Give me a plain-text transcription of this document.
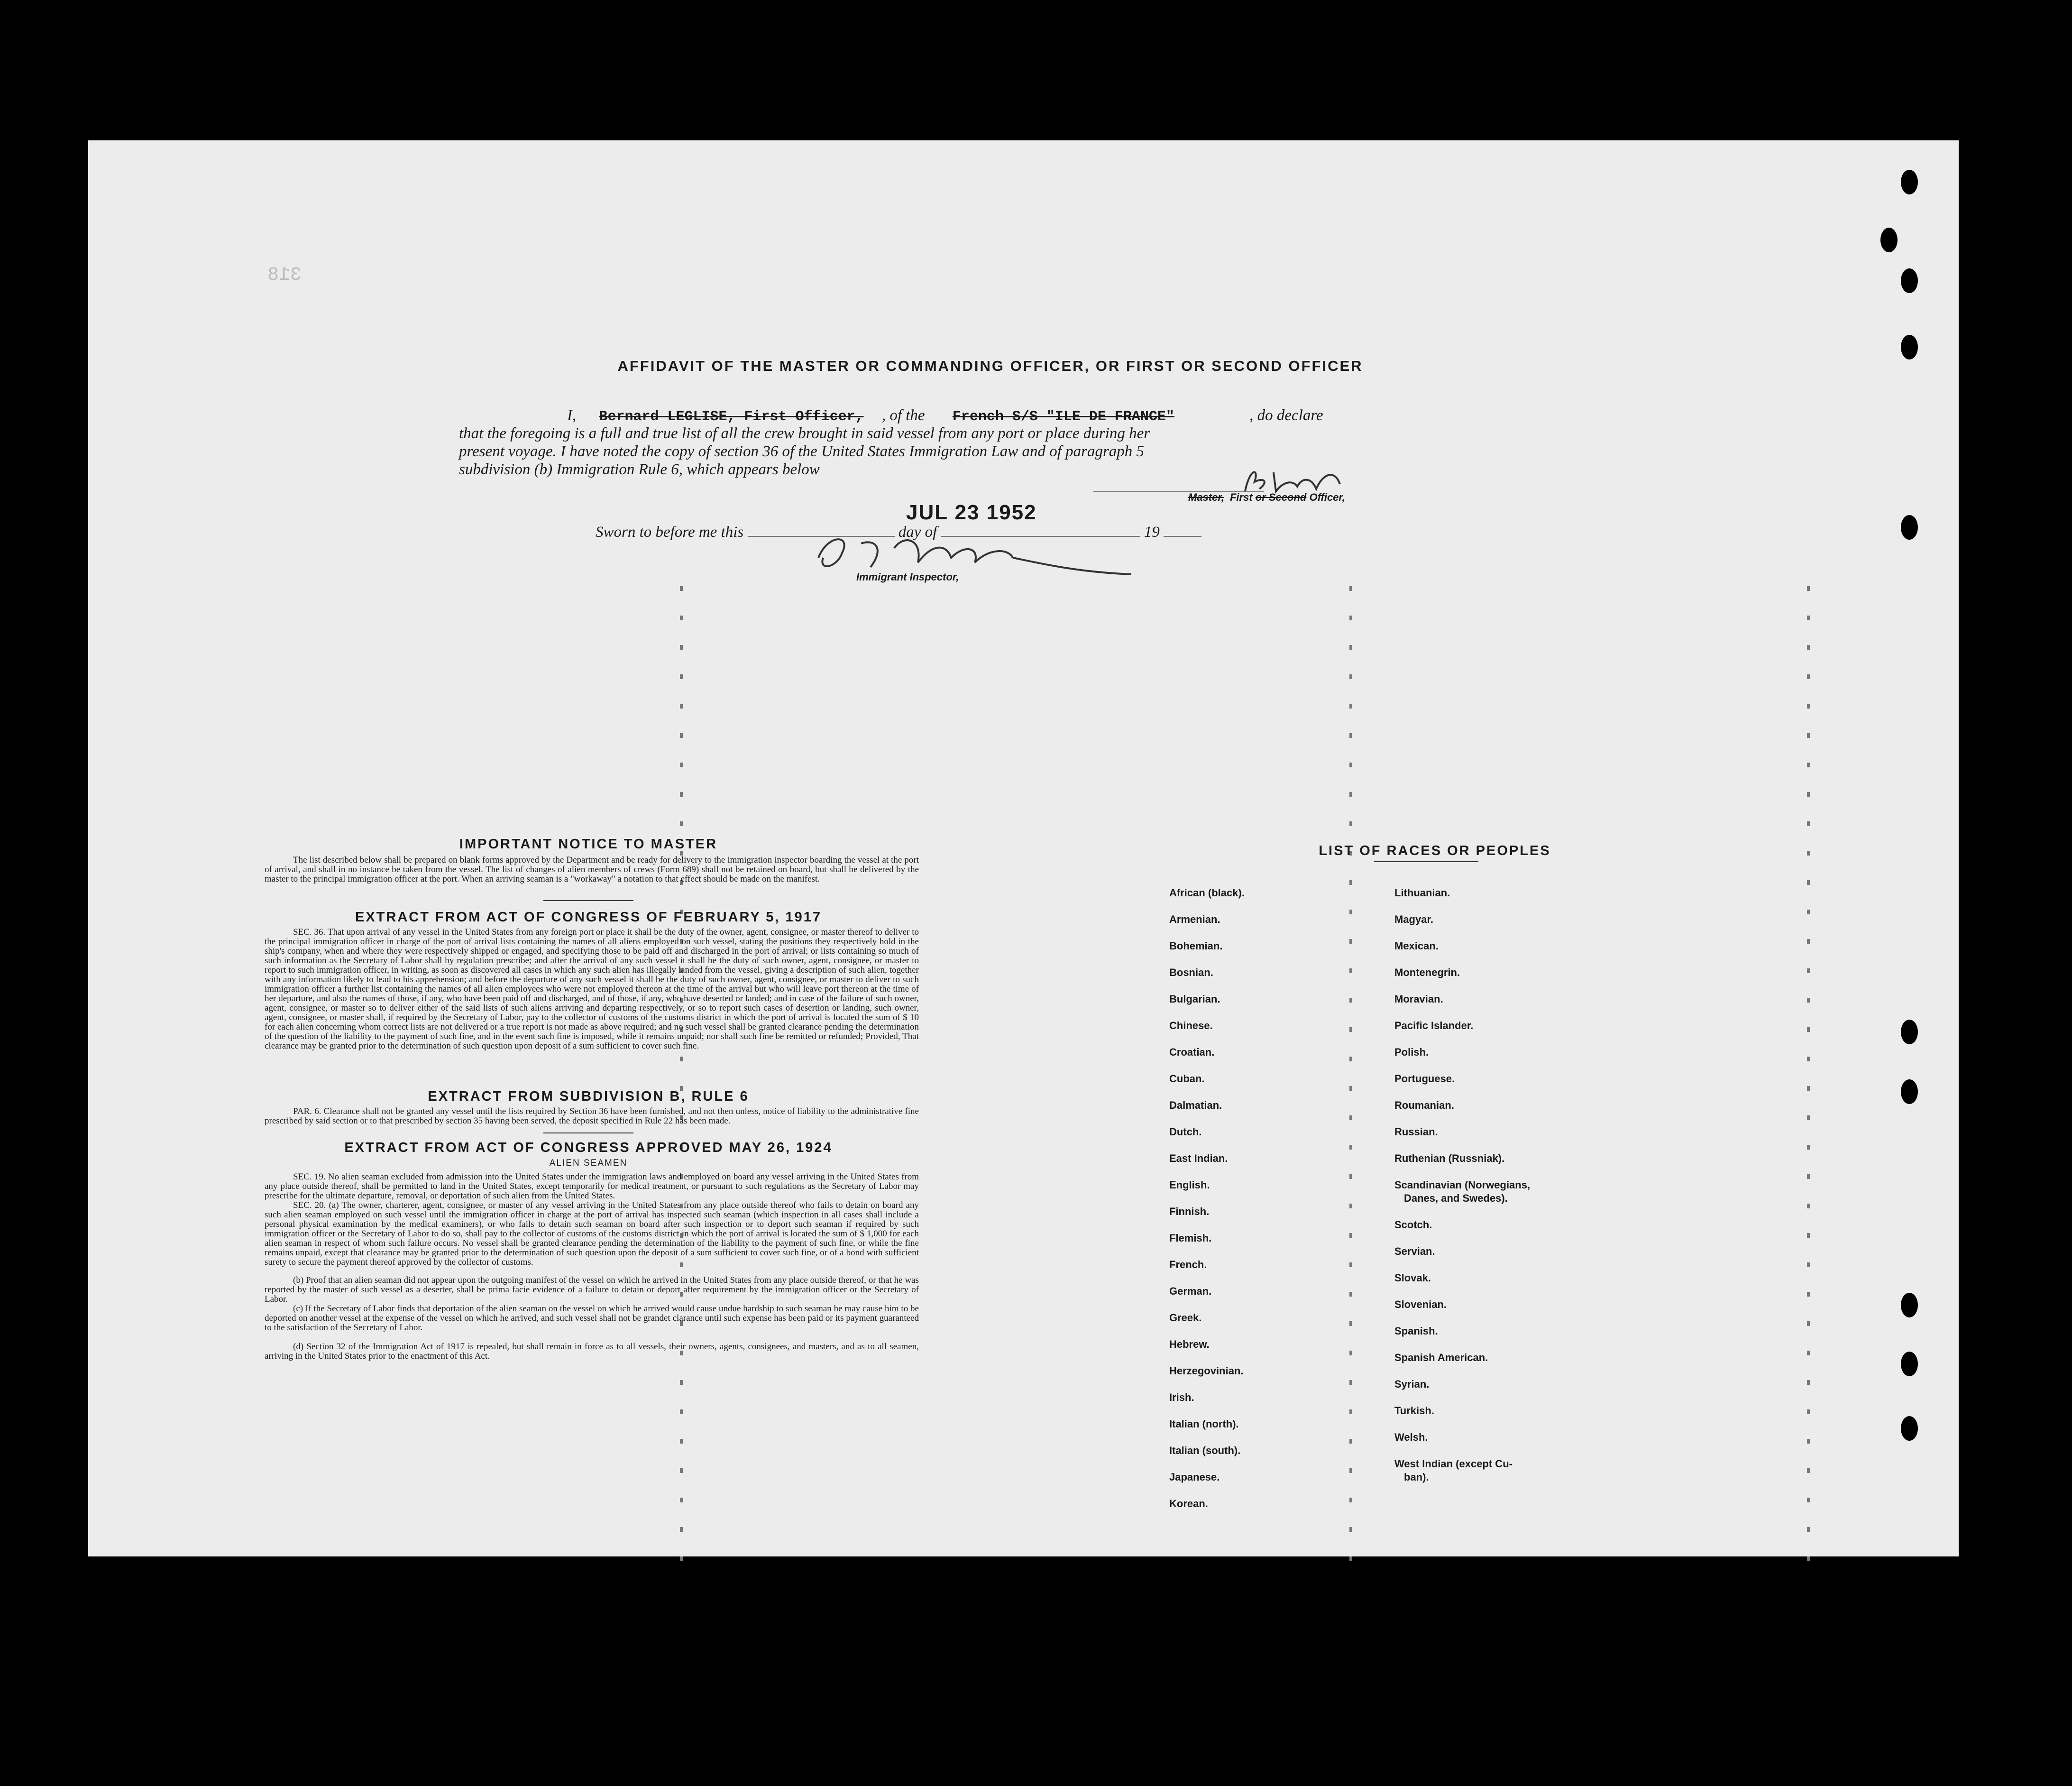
318
AFFIDAVIT OF THE MASTER OR COMMANDING OFFICER, OR FIRST OR SECOND OFFICER
I, Bernard LEGLISE, First Officer, , of the French S/S "ILE DE FRANCE"	, do declare
that the foregoing is a full and true list of all the crew brought in said vessel from any port or place during her
present voyage. I have noted the copy of section 36 of the United States Immigration Law and of paragraph 5
subdivision (b) Immigration Rule 6, which appears below
Master, First or Second Officer,
Sworn to before me this	day of	19
JUL 23 1952
Immigrant Inspector,
IMPORTANT NOTICE TO MASTER
The list described below shall be prepared on blank forms approved by the Department and be ready for delivery to the immigration inspector boarding the vessel at the port of arrival, and shall in no instance be taken from the vessel. The list of changes of alien members of crews (Form 689) shall not be retained on board, but shall be delivered by the master to the principal immigration officer at the port. When an arriving seaman is a "workaway" a notation to that effect should be made on the manifest.
EXTRACT FROM ACT OF CONGRESS OF FEBRUARY 5, 1917
SEC. 36. That upon arrival of any vessel in the United States from any foreign port or place it shall be the duty of the owner, agent, consignee, or master thereof to deliver to the principal immigration officer in charge of the port of arrival lists containing the names of all aliens employed on such vessel, stating the positions they respectively hold in the ship's company, when and where they were respectively shipped or engaged, and specifying those to be paid off and discharged in the port of arrival; or lists containing so much of such information as the Secretary of Labor shall by regulation prescribe; and after the arrival of any such vessel it shall be the duty of such owner, agent, consignee, or master to report to such immigration officer, in writing, as soon as discovered all cases in which any such alien has illegally landed from the vessel, giving a description of such alien, together with any information likely to lead to his apprehension; and before the departure of any such vessel it shall be the duty of such owner, agent, consignee, or master to deliver to such immigration officer a further list containing the names of all alien employees who were not employed thereon at the time of the arrival but who will leave port thereon at the time of her departure, and also the names of those, if any, who have been paid off and discharged, and of those, if any, who have deserted or landed; and in case of the failure of such owner, agent, consignee, or master so to deliver either of the said lists of such aliens arriving and departing respectively, or so to report such cases of desertion or landing, such owner, agent, consignee, or master shall, if required by the Secretary of Labor, pay to the collector of customs of the customs district in which the port of arrival is located the sum of $ 10 for each alien concerning whom correct lists are not delivered or a true report is not made as above required; and no such vessel shall be granted clearance pending the determination of the question of the liability to the payment of such fine, and in the event such fine is imposed, while it remains unpaid; nor shall such fine be remitted or refunded; Provided, That clearance may be granted prior to the determination of such question upon deposit of a sum sufficient to cover such fine.
EXTRACT FROM SUBDIVISION B, RULE 6
PAR. 6. Clearance shall not be granted any vessel until the lists required by Section 36 have been furnished, and not then unless, notice of liability to the administrative fine prescribed by said section or to that prescribed by section 35 having been served, the deposit specified in Rule 22 has been made.
EXTRACT FROM ACT OF CONGRESS APPROVED MAY 26, 1924
ALIEN SEAMEN
SEC. 19. No alien seaman excluded from admission into the United States under the immigration laws and employed on board any vessel arriving in the United States from any place outside thereof, shall be permitted to land in the United States, except temporarily for medical treatment, or pursuant to such regulations as the Secretary of Labor may prescribe for the ultimate departure, removal, or deportation of such alien from the United States.
SEC. 20. (a) The owner, charterer, agent, consignee, or master of any vessel arriving in the United States from any place outside thereof who fails to detain on board any such alien seaman employed on such vessel until the immigration officer in charge at the port of arrival has inspected such seaman (which inspection in all cases shall include a personal physical examination by the medical examiners), or who fails to detain such seaman on board after such inspection or to deport such seaman if required by such immigration officer or the Secretary of Labor to do so, shall pay to the collector of customs of the customs district in which the port of arrival is located the sum of $ 1,000 for each alien seaman in respect of whom such failure occurs. No vessel shall be granted clearance pending the determination of the liability to the payment of such fine, or while the fine remains unpaid, except that clearance may be granted prior to the determination of such question upon the deposit of a sum sufficient to cover such fine, or of a bond with sufficient surety to secure the payment thereof approved by the collector of customs.
(b) Proof that an alien seaman did not appear upon the outgoing manifest of the vessel on which he arrived in the United States from any place outside thereof, or that he was reported by the master of such vessel as a deserter, shall be prima facie evidence of a failure to detain or deport after requirement by the immigration officer or the Secretary of Labor.
(c) If the Secretary of Labor finds that deportation of the alien seaman on the vessel on which he arrived would cause undue hardship to such seaman he may cause him to be deported on another vessel at the expense of the vessel on which he arrived, and such vessel shall not be grandet clarance until such expense has been paid or its payment guaranteed to the satisfaction of the Secretary of Labor.
(d) Section 32 of the Immigration Act of 1917 is repealed, but shall remain in force as to all vessels, their owners, agents, consignees, and masters, and as to all seamen, arriving in the United States prior to the enactment of this Act.
LIST OF RACES OR PEOPLES
African (black).
Armenian.
Bohemian.
Bosnian.
Bulgarian.
Chinese.
Croatian.
Cuban.
Dalmatian.
Dutch.
East Indian.
English.
Finnish.
Flemish.
French.
German.
Greek.
Hebrew.
Herzegovinian.
Irish.
Italian (north).
Italian (south).
Japanese.
Korean.
Lithuanian.
Magyar.
Mexican.
Montenegrin.
Moravian.
Pacific Islander.
Polish.
Portuguese.
Roumanian.
Russian.
Ruthenian (Russniak).
Scandinavian (Norwegians,
Danes, and Swedes).
Scotch.
Servian.
Slovak.
Slovenian.
Spanish.
Spanish American.
Syrian.
Turkish.
Welsh.
West Indian (except Cu-
ban).
